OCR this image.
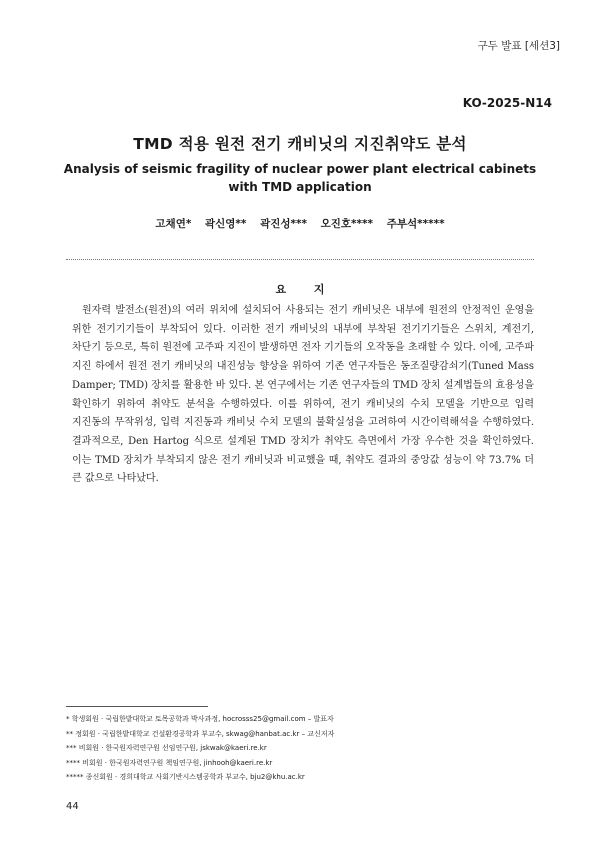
구두 발표 [세션3]
KO-2025-N14
TMD 적용 원전 전기 캐비닛의 지진취약도 분석
Analysis of seismic fragility of nuclear power plant electrical cabinets
with TMD application
고채연* 곽신영** 곽진성*** 오진호**** 주부석*****
요 지
원자력 발전소(원전)의 여러 위치에 설치되어 사용되는 전기 캐비닛은 내부에 원전의 안정적인 운영을 위한 전기기기들이 부착되어 있다. 이러한 전기 캐비닛의 내부에 부착된 전기기기들은 스위치, 계전기, 차단기 등으로, 특히 원전에 고주파 지진이 발생하면 전자 기기들의 오작동을 초래할 수 있다. 이에, 고주파 지진 하에서 원전 전기 캐비닛의 내진성능 향상을 위하여 기존 연구자들은 동조질량감쇠기(Tuned Mass Damper; TMD) 장치를 활용한 바 있다. 본 연구에서는 기존 연구자들의 TMD 장치 설계법들의 효용성을 확인하기 위하여 취약도 분석을 수행하였다. 이를 위하여, 전기 캐비닛의 수치 모델을 기반으로 입력 지진동의 무작위성, 입력 지진동과 캐비닛 수치 모델의 불확실성을 고려하여 시간이력해석을 수행하였다. 결과적으로, Den Hartog 식으로 설계된 TMD 장치가 취약도 측면에서 가장 우수한 것을 확인하였다. 이는 TMD 장치가 부착되지 않은 전기 캐비닛과 비교했을 때, 취약도 결과의 중앙값 성능이 약 73.7% 더 큰 값으로 나타났다.
* 학생회원 · 국립한밭대학교 토목공학과 박사과정, hocrosss25@gmail.com – 발표자
** 정회원 · 국립한밭대학교 건설환경공학과 부교수, skwag@hanbat.ac.kr – 교신저자
*** 비회원 · 한국원자력연구원 선임연구원, jskwak@kaeri.re.kr
**** 비회원 · 한국원자력연구원 책임연구원, jinhooh@kaeri.re.kr
***** 종신회원 · 경희대학교 사회기반시스템공학과 부교수, bju2@khu.ac.kr
44
